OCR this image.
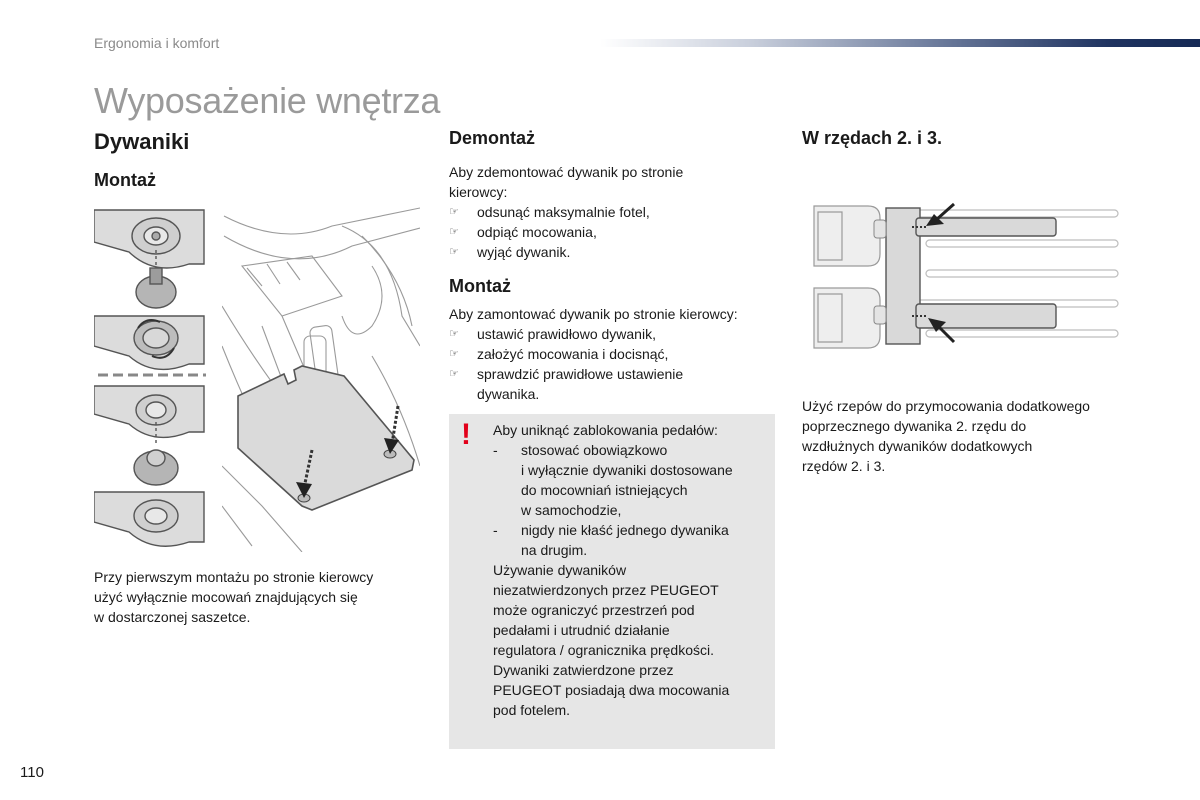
Ergonomia i komfort
Wyposażenie wnętrza
Dywaniki
Montaż
Przy pierwszym montażu po stronie kierowcy
użyć wyłącznie mocowań znajdujących się
w dostarczonej saszetce.
Demontaż
Aby zdemontować dywanik po stronie
kierowcy:
☞	odsunąć maksymalnie fotel,
☞	odpiąć mocowania,
☞	wyjąć dywanik.
Montaż
Aby zamontować dywanik po stronie kierowcy:
☞	ustawić prawidłowo dywanik,
☞	założyć mocowania i docisnąć,
☞	sprawdzić prawidłowe ustawienie
dywanika.
! Aby uniknąć zablokowania pedałów:
- stosować obowiązkowo
i wyłącznie dywaniki dostosowane
do mocowniań istniejących
w samochodzie,
- nigdy nie kłaść jednego dywanika
na drugim.
Używanie dywaników
niezatwierdzonych przez PEUGEOT
może ograniczyć przestrzeń pod
pedałami i utrudnić działanie
regulatora / ogranicznika prędkości.
Dywaniki zatwierdzone przez
PEUGEOT posiadają dwa mocowania
pod fotelem.
W rzędach 2. i 3.
Użyć rzepów do przymocowania dodatkowego
poprzecznego dywanika 2. rzędu do
wzdłużnych dywaników dodatkowych
rzędów 2. i 3.
110
